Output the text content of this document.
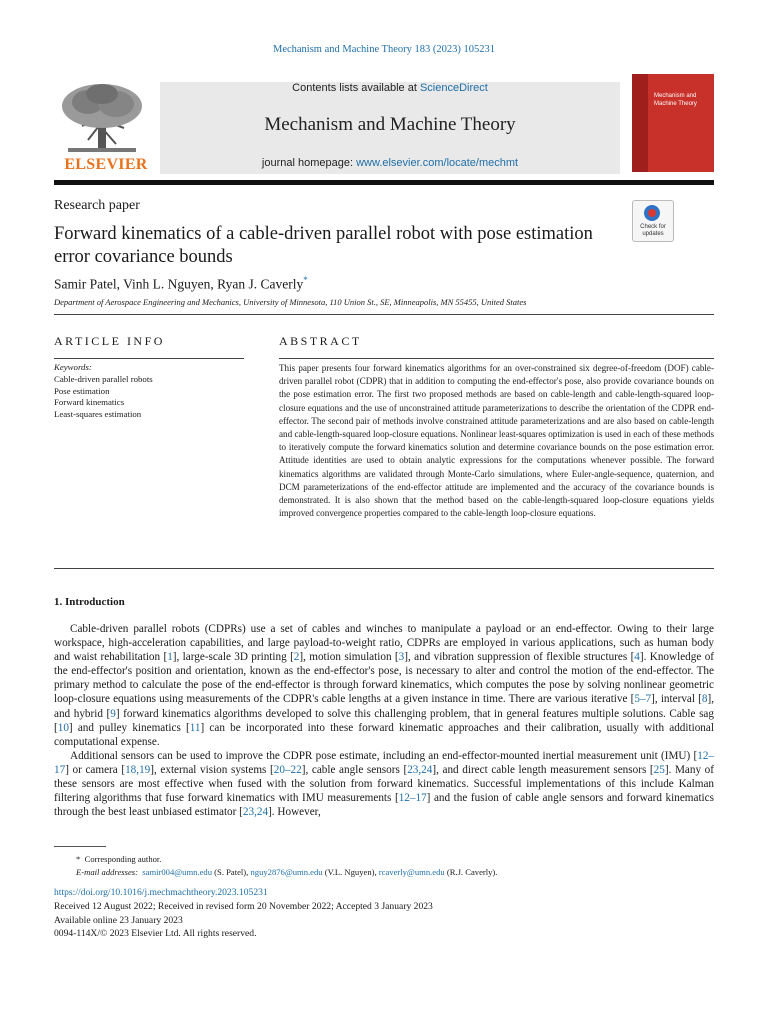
Mechanism and Machine Theory 183 (2023) 105231
ELSEVIER
Contents lists available at ScienceDirect
Mechanism and Machine Theory
journal homepage: www.elsevier.com/locate/mechmt
Mechanism and Machine Theory
Research paper
Check for updates
Forward kinematics of a cable-driven parallel robot with pose estimation error covariance bounds
Samir Patel, Vinh L. Nguyen, Ryan J. Caverly*
Department of Aerospace Engineering and Mechanics, University of Minnesota, 110 Union St., SE, Minneapolis, MN 55455, United States
ARTICLE INFO	ABSTRACT
Keywords:
Cable-driven parallel robots
Pose estimation
Forward kinematics
Least-squares estimation
This paper presents four forward kinematics algorithms for an over-constrained six degree-of-freedom (DOF) cable-driven parallel robot (CDPR) that in addition to computing the end-effector's pose, also provide covariance bounds on the pose estimation error. The first two proposed methods are based on cable-length and cable-length-squared loop-closure equations and the use of unconstrained attitude parameterizations to describe the orientation of the CDPR end-effector. The second pair of methods involve constrained attitude parameterizations and are also based on cable-length and cable-length-squared loop-closure equations. Nonlinear least-squares optimization is used in each of these methods to iteratively compute the forward kinematics solution and determine covariance bounds on the pose estimation error. Attitude identities are used to obtain analytic expressions for the computations whenever possible. The forward kinematics algorithms are validated through Monte-Carlo simulations, where Euler-angle-sequence, quaternion, and DCM parameterizations of the end-effector attitude are implemented and the accuracy of the covariance bounds is demonstrated. It is also shown that the method based on the cable-length-squared loop-closure equations yields improved convergence properties compared to the cable-length loop-closure equations.
1. Introduction

Cable-driven parallel robots (CDPRs) use a set of cables and winches to manipulate a payload or an end-effector. Owing to their large workspace, high-acceleration capabilities, and large payload-to-weight ratio, CDPRs are employed in various applications, such as human body and waist rehabilitation [1], large-scale 3D printing [2], motion simulation [3], and vibration suppression of flexible structures [4]. Knowledge of the end-effector's position and orientation, known as the end-effector's pose, is necessary to alter and control the motion of the end-effector. The primary method to calculate the pose of the end-effector is through forward kinematics, which computes the pose by solving nonlinear geometric loop-closure equations using measurements of the CDPR's cable lengths at a given instance in time. There are various iterative [5–7], interval [8], and hybrid [9] forward kinematics algorithms developed to solve this challenging problem, that in general features multiple solutions. Cable sag [10] and pulley kinematics [11] can be incorporated into these forward kinematic approaches and their calibration, usually with additional computational expense.

Additional sensors can be used to improve the CDPR pose estimate, including an end-effector-mounted inertial measurement unit (IMU) [12–17] or camera [18,19], external vision systems [20–22], cable angle sensors [23,24], and direct cable length measurement sensors [25]. Many of these sensors are most effective when fused with the solution from forward kinematics. Successful implementations of this include Kalman filtering algorithms that fuse forward kinematics with IMU measurements [12–17] and the fusion of cable angle sensors and forward kinematics through the best least unbiased estimator [23,24]. However,

* Corresponding author.
E-mail addresses: samir004@umn.edu (S. Patel), nguy2876@umn.edu (V.L. Nguyen), rcaverly@umn.edu (R.J. Caverly).
https://doi.org/10.1016/j.mechmachtheory.2023.105231
Received 12 August 2022; Received in revised form 20 November 2022; Accepted 3 January 2023
Available online 23 January 2023
0094-114X/© 2023 Elsevier Ltd. All rights reserved.
